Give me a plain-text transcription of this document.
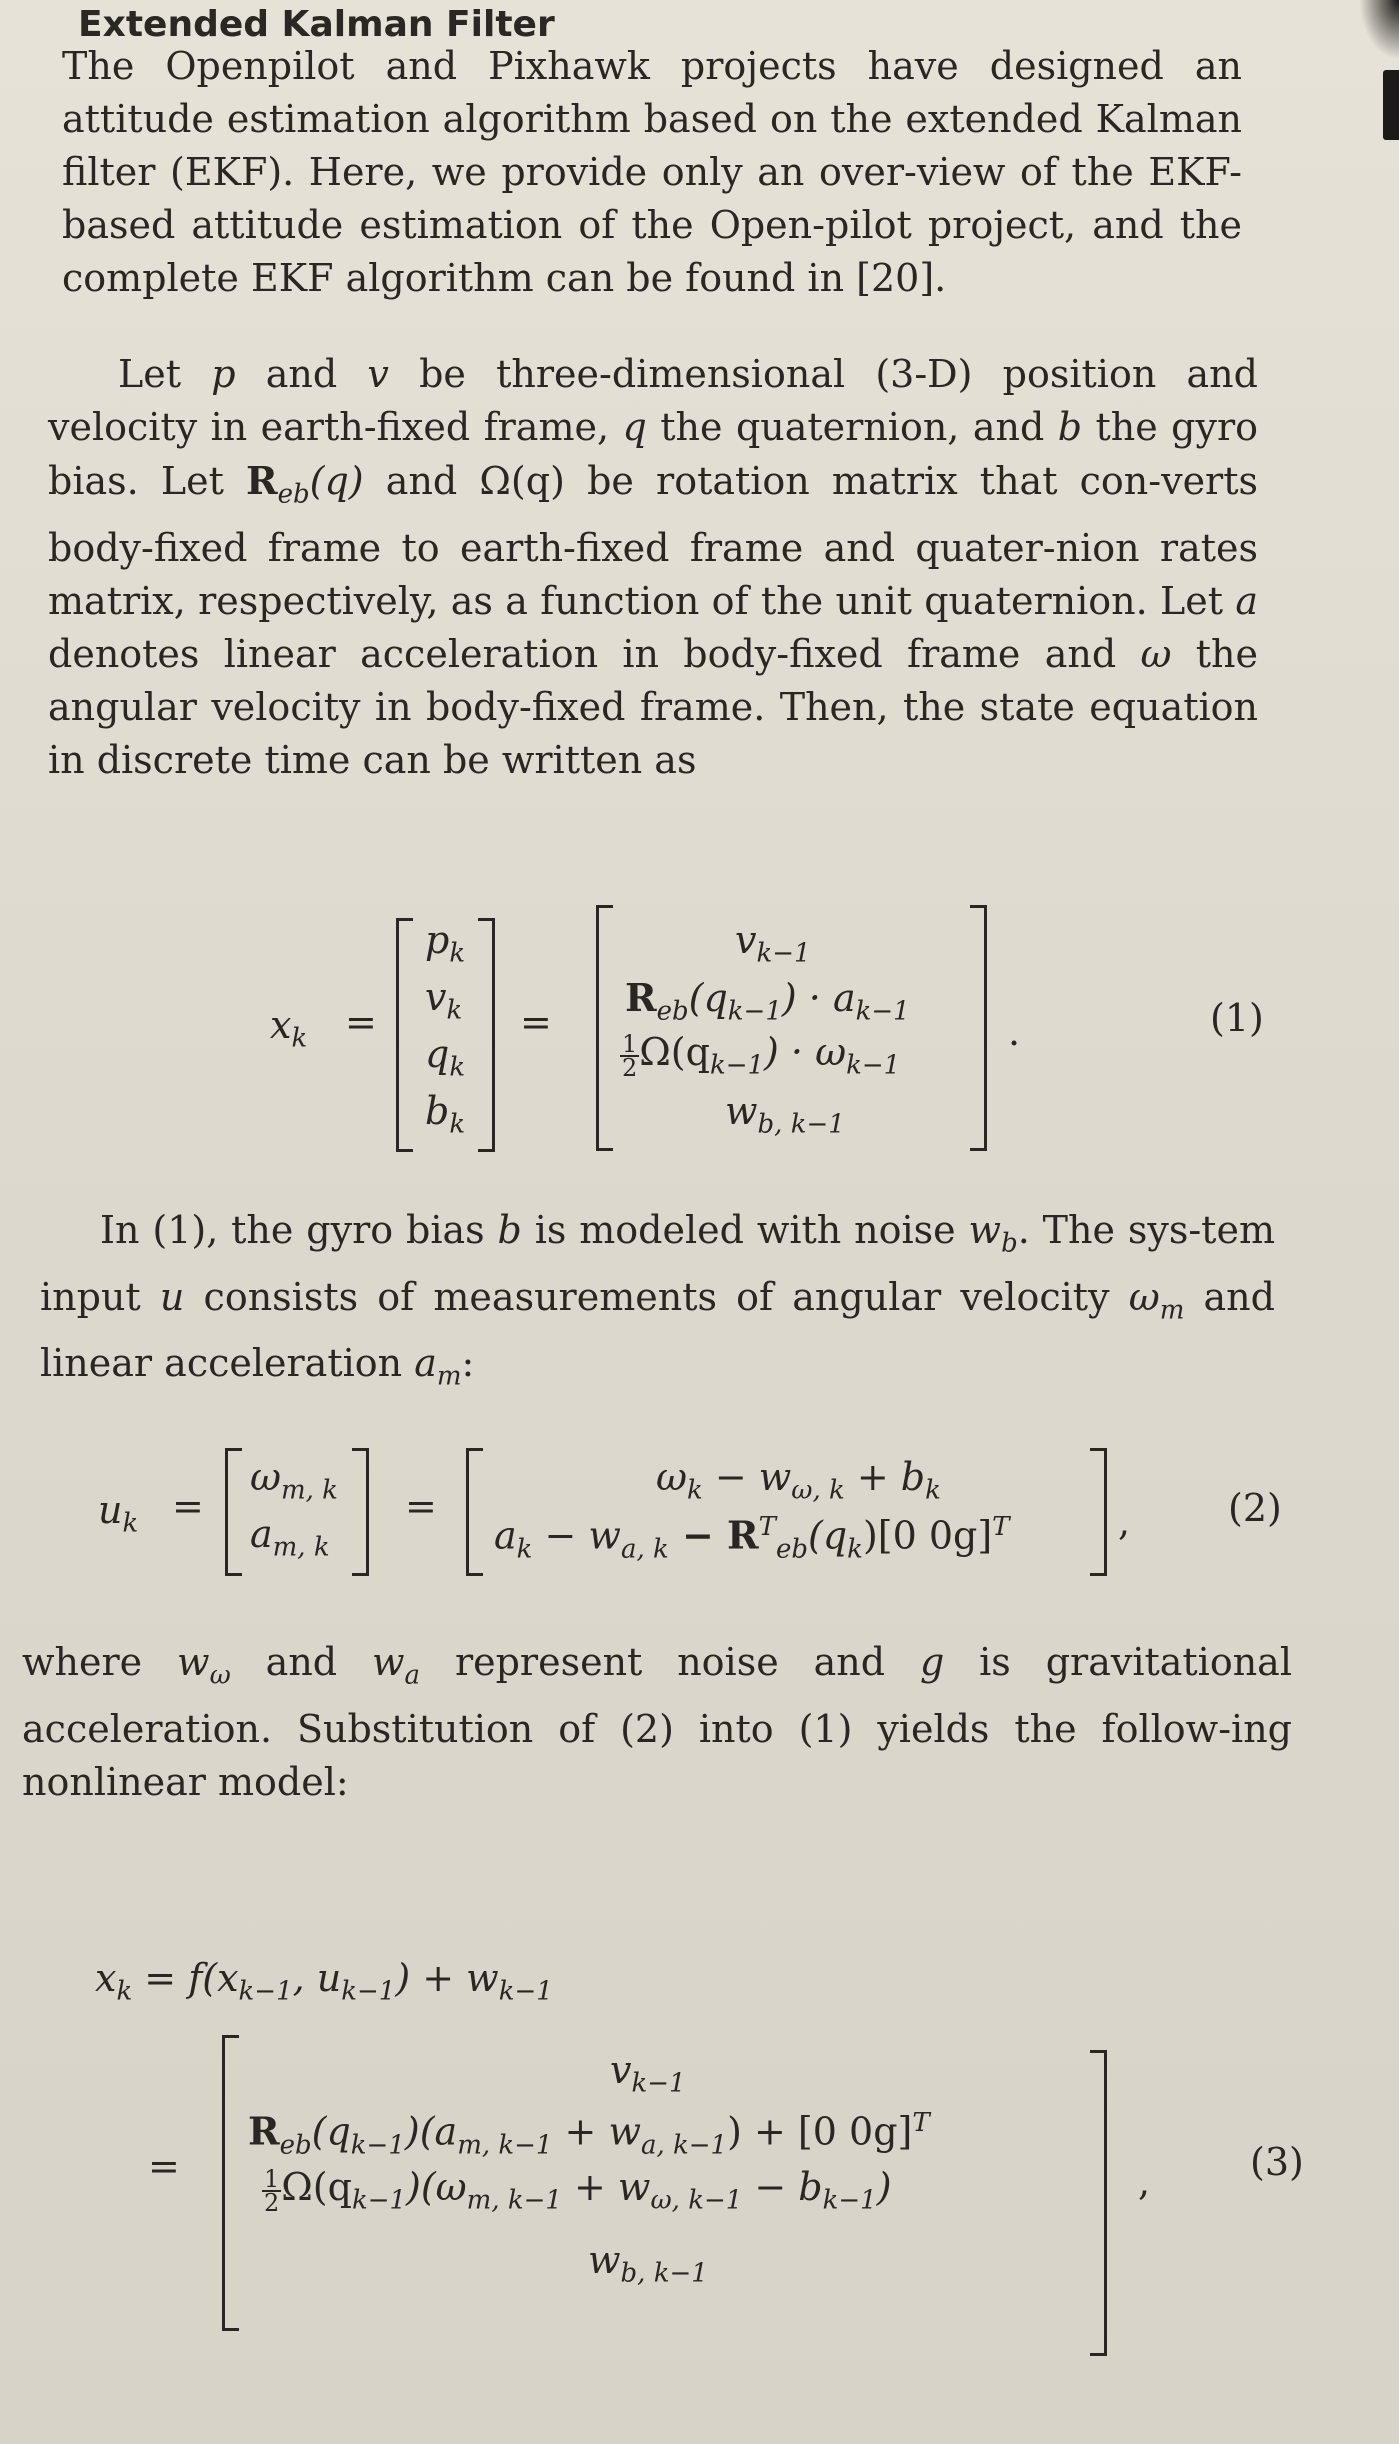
Extended Kalman Filter

The Openpilot and Pixhawk projects have designed an attitude estimation algorithm based on the extended Kalman filter (EKF). Here, we provide only an over-view of the EKF-based attitude estimation of the Open-pilot project, and the complete EKF algorithm can be found in [20].

Let p and v be three-dimensional (3-D) position and velocity in earth-fixed frame, q the quaternion, and b the gyro bias. Let $R_{eb}(q)$ and Ω(q) be rotation matrix that con-verts body-fixed frame to earth-fixed frame and quater-nion rates matrix, respectively, as a function of the unit quaternion. Let a denotes linear acceleration in body-fixed frame and ω the angular velocity in body-fixed frame. Then, the state equation in discrete time can be written as

$x_k$ =
$p_k$
$v_k$
$q_k$
$b_k$
=
$v_{k-1}$
$R_{eb}(q_{k-1}) \cdot a_{k-1}$
$\frac{1}{2} \Omega(q_{k-1}) \cdot \omega_{k-1}$
$w_{b, k-1}$
.	(1)

In (1), the gyro bias b is modeled with noise $w_b$. The sys-tem input u consists of measurements of angular velocity $\omega_m$ and linear acceleration $a_m$:

$u_k$ =
$\omega_{m, k}$
$a_{m, k}$
=
$\omega_k - w_{\omega, k} + b_k$
$a_k - w_{a, k} - R^T_{eb}(q_k)[0$ 0g]$^T$	,	(2)

where $w_\omega$ and $w_a$ represent noise and g is gravitational acceleration. Substitution of (2) into (1) yields the follow-ing nonlinear model:

$x_k = f(x_{k-1}$, $u_{k-1}) + w_{k-1}$
=
$v_{k-1}$
$R_{eb}(q_{k-1})(a_{m, k-1} + w_{a, k-1}) + [0$ 0g]$^T$
$\frac{1}{2} \Omega(q_{k-1})(\omega_{m, k-1} + w_{\omega, k-1} - b_{k-1})$
$w_{b, k-1}$
,	(3)
